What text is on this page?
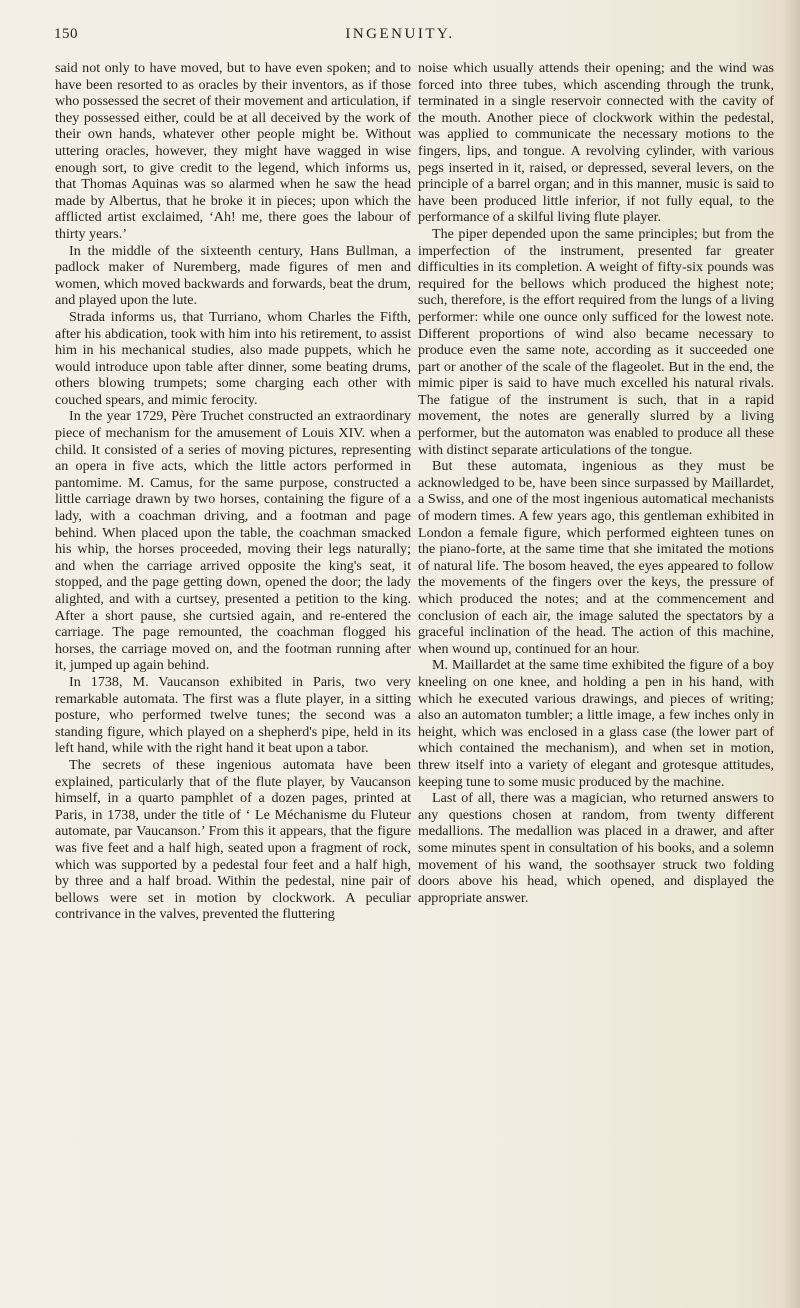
150	INGENUITY.

said not only to have moved, but to have even spoken; and to have been resorted to as oracles by their inventors, as if those who possessed the secret of their movement and articulation, if they possessed either, could be at all deceived by the work of their own hands, whatever other people might be. Without uttering oracles, however, they might have wagged in wise enough sort, to give credit to the legend, which informs us, that Thomas Aquinas was so alarmed when he saw the head made by Albertus, that he broke it in pieces; upon which the afflicted artist exclaimed, ‘Ah! me, there goes the labour of thirty years.’

In the middle of the sixteenth century, Hans Bullman, a padlock maker of Nuremberg, made figures of men and women, which moved backwards and forwards, beat the drum, and played upon the lute.

Strada informs us, that Turriano, whom Charles the Fifth, after his abdication, took with him into his retirement, to assist him in his mechanical studies, also made puppets, which he would introduce upon table after dinner, some beating drums, others blowing trumpets; some charging each other with couched spears, and mimic ferocity.

In the year 1729, Père Truchet constructed an extraordinary piece of mechanism for the amusement of Louis XIV. when a child. It consisted of a series of moving pictures, representing an opera in five acts, which the little actors performed in pantomime. M. Camus, for the same purpose, constructed a little carriage drawn by two horses, containing the figure of a lady, with a coachman driving, and a footman and page behind. When placed upon the table, the coachman smacked his whip, the horses proceeded, moving their legs naturally; and when the carriage arrived opposite the king's seat, it stopped, and the page getting down, opened the door; the lady alighted, and with a curtsey, presented a petition to the king. After a short pause, she curtsied again, and re-entered the carriage. The page remounted, the coachman flogged his horses, the carriage moved on, and the footman running after it, jumped up again behind.

In 1738, M. Vaucanson exhibited in Paris, two very remarkable automata. The first was a flute player, in a sitting posture, who performed twelve tunes; the second was a standing figure, which played on a shepherd's pipe, held in its left hand, while with the right hand it beat upon a tabor.

The secrets of these ingenious automata have been explained, particularly that of the flute player, by Vaucanson himself, in a quarto pamphlet of a dozen pages, printed at Paris, in 1738, under the title of ‘ Le Méchanisme du Fluteur automate, par Vaucanson.’ From this it appears, that the figure was five feet and a half high, seated upon a fragment of rock, which was supported by a pedestal four feet and a half high, by three and a half broad. Within the pedestal, nine pair of bellows were set in motion by clockwork. A peculiar contrivance in the valves, prevented the fluttering

noise which usually attends their opening; and the wind was forced into three tubes, which ascending through the trunk, terminated in a single reservoir connected with the cavity of the mouth. Another piece of clockwork within the pedestal, was applied to communicate the necessary motions to the fingers, lips, and tongue. A revolving cylinder, with various pegs inserted in it, raised, or depressed, several levers, on the principle of a barrel organ; and in this manner, music is said to have been produced little inferior, if not fully equal, to the performance of a skilful living flute player.

The piper depended upon the same principles; but from the imperfection of the instrument, presented far greater difficulties in its completion. A weight of fifty-six pounds was required for the bellows which produced the highest note; such, therefore, is the effort required from the lungs of a living performer: while one ounce only sufficed for the lowest note. Different proportions of wind also became necessary to produce even the same note, according as it succeeded one part or another of the scale of the flageolet. But in the end, the mimic piper is said to have much excelled his natural rivals. The fatigue of the instrument is such, that in a rapid movement, the notes are generally slurred by a living performer, but the automaton was enabled to produce all these with distinct separate articulations of the tongue.

But these automata, ingenious as they must be acknowledged to be, have been since surpassed by Maillardet, a Swiss, and one of the most ingenious automatical mechanists of modern times. A few years ago, this gentleman exhibited in London a female figure, which performed eighteen tunes on the piano-forte, at the same time that she imitated the motions of natural life. The bosom heaved, the eyes appeared to follow the movements of the fingers over the keys, the pressure of which produced the notes; and at the commencement and conclusion of each air, the image saluted the spectators by a graceful inclination of the head. The action of this machine, when wound up, continued for an hour.

M. Maillardet at the same time exhibited the figure of a boy kneeling on one knee, and holding a pen in his hand, with which he executed various drawings, and pieces of writing; also an automaton tumbler; a little image, a few inches only in height, which was enclosed in a glass case (the lower part of which contained the mechanism), and when set in motion, threw itself into a variety of elegant and grotesque attitudes, keeping tune to some music produced by the machine.

Last of all, there was a magician, who returned answers to any questions chosen at random, from twenty different medallions. The medallion was placed in a drawer, and after some minutes spent in consultation of his books, and a solemn movement of his wand, the soothsayer struck two folding doors above his head, which opened, and displayed the appropriate answer.
